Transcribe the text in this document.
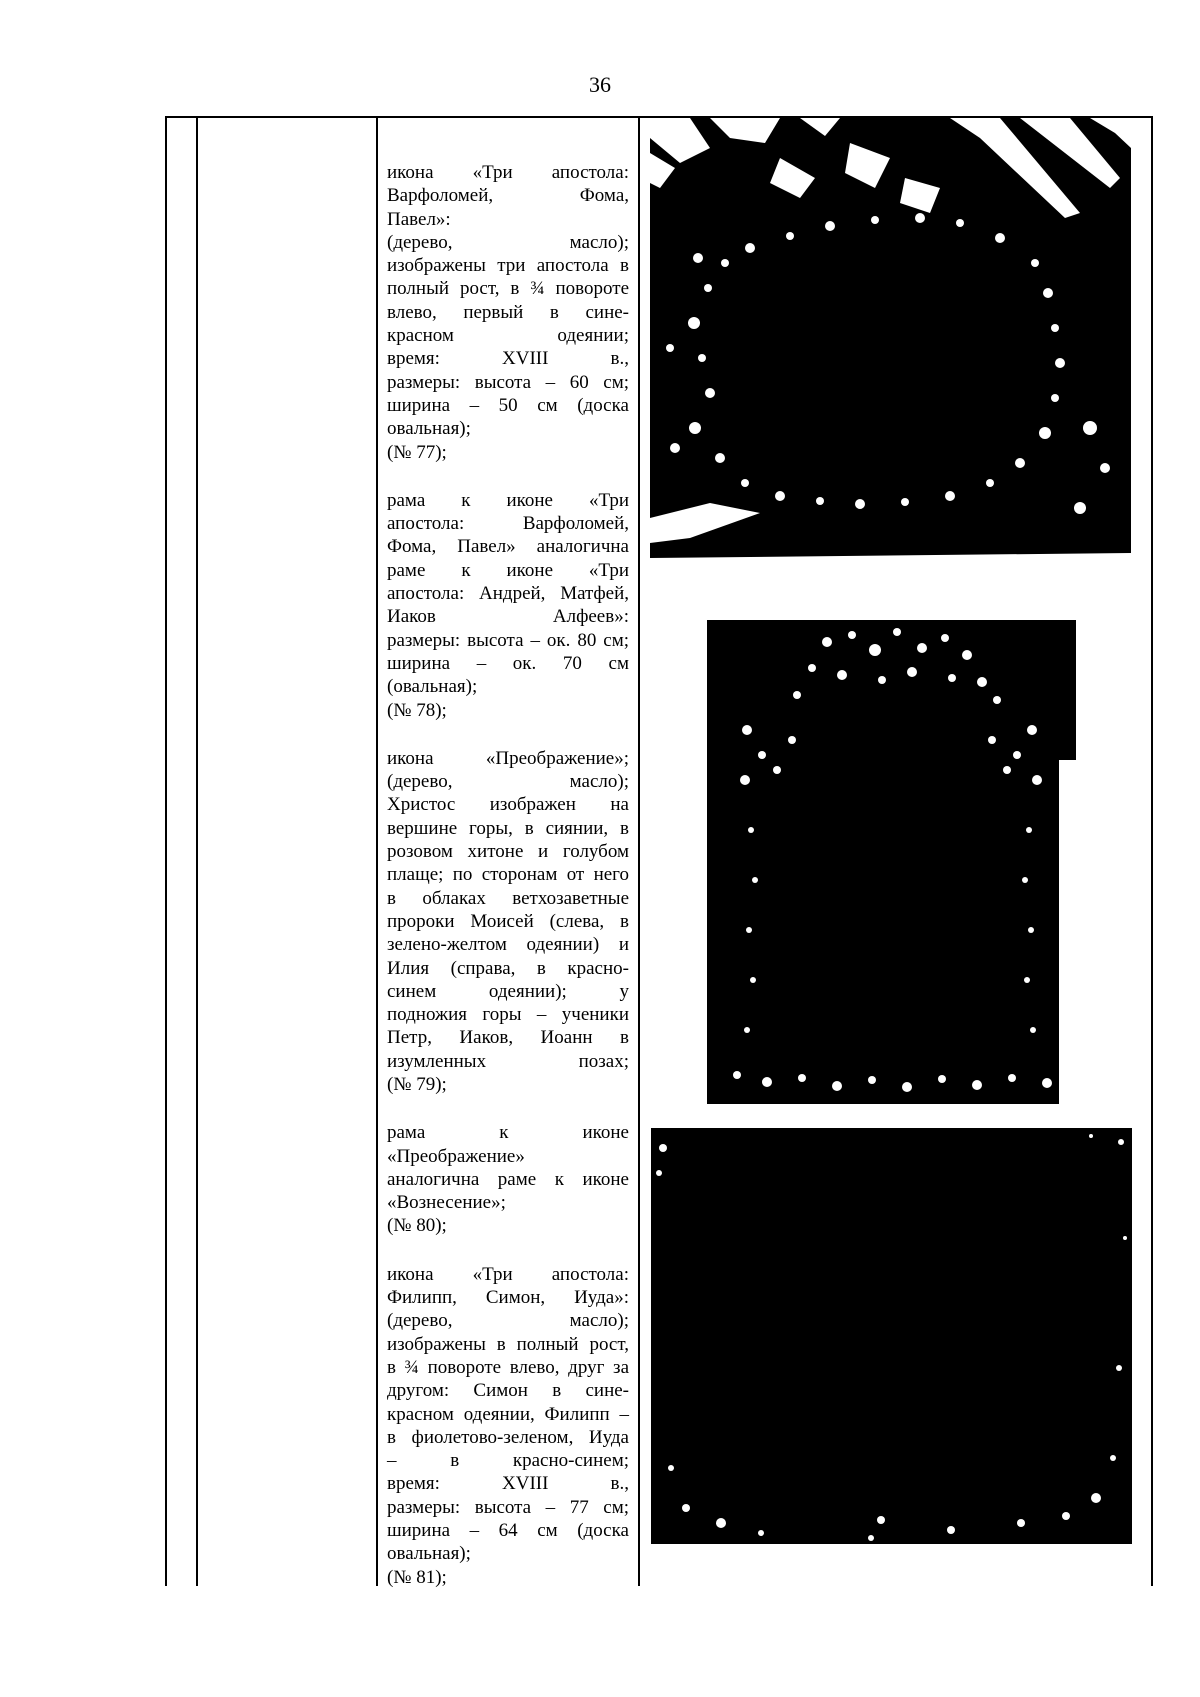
36
икона «Три апостола:
Варфоломей, Фома,
Павел»:
(дерево, масло);
изображены три апостола в
полный рост, в ¾ повороте
влево, первый в сине-
красном одеянии;
время: XVIII в.,
размеры: высота – 60 см;
ширина – 50 см (доска
овальная);
(№ 77);
рама к иконе «Три
апостола: Варфоломей,
Фома, Павел» аналогична
раме к иконе «Три
апостола: Андрей, Матфей,
Иаков Алфеев»:
размеры: высота – ок. 80 см;
ширина – ок. 70 см
(овальная);
(№ 78);
икона «Преображение»;
(дерево, масло);
Христос изображен на
вершине горы, в сиянии, в
розовом хитоне и голубом
плаще; по сторонам от него
в облаках ветхозаветные
пророки Моисей (слева, в
зелено-желтом одеянии) и
Илия (справа, в красно-
синем одеянии); у
подножия горы – ученики
Петр, Иаков, Иоанн в
изумленных позах;
(№ 79);
рама к иконе
«Преображение»
аналогична раме к иконе
«Вознесение»;
(№ 80);
икона «Три апостола:
Филипп, Симон, Иуда»:
(дерево, масло);
изображены в полный рост,
в ¾ повороте влево, друг за
другом: Симон в сине-
красном одеянии, Филипп –
в фиолетово-зеленом, Иуда
– в красно-синем;
время: XVIII в.,
размеры: высота – 77 см;
ширина – 64 см (доска
овальная);
(№ 81);
